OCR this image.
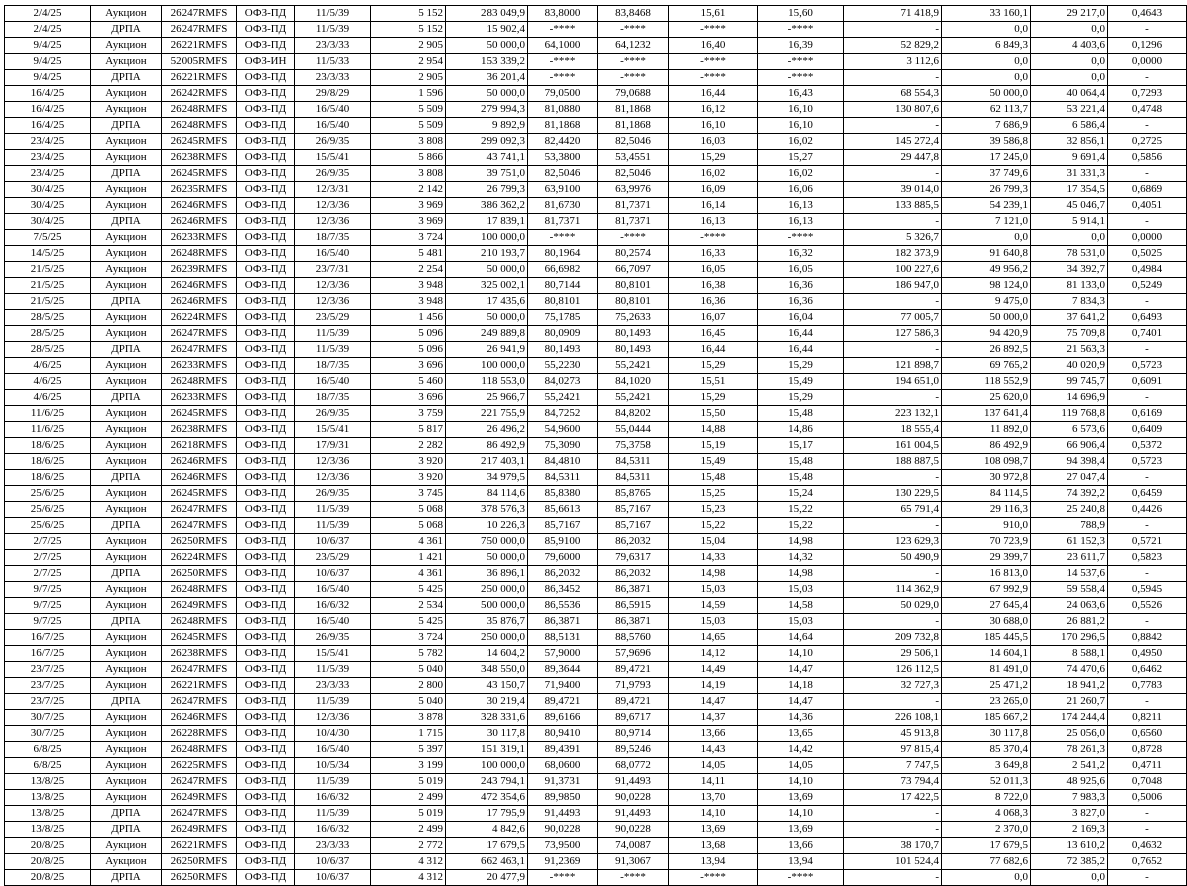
2/4/25	Аукцион	26247RMFS	ОФЗ-ПД	11/5/39	5 152	283 049,9	83,8000	83,8468	15,61	15,60	71 418,9	33 160,1	29 217,0	0,4643
2/4/25	ДРПА	26247RMFS	ОФЗ-ПД	11/5/39	5 152	15 902,4	-****	-****	-****	-****	-	0,0	0,0	-
9/4/25	Аукцион	26221RMFS	ОФЗ-ПД	23/3/33	2 905	50 000,0	64,1000	64,1232	16,40	16,39	52 829,2	6 849,3	4 403,6	0,1296
9/4/25	Аукцион	52005RMFS	ОФЗ-ИН	11/5/33	2 954	153 339,2	-****	-****	-****	-****	3 112,6	0,0	0,0	0,0000
9/4/25	ДРПА	26221RMFS	ОФЗ-ПД	23/3/33	2 905	36 201,4	-****	-****	-****	-****	-	0,0	0,0	-
16/4/25	Аукцион	26242RMFS	ОФЗ-ПД	29/8/29	1 596	50 000,0	79,0500	79,0688	16,44	16,43	68 554,3	50 000,0	40 064,4	0,7293
16/4/25	Аукцион	26248RMFS	ОФЗ-ПД	16/5/40	5 509	279 994,3	81,0880	81,1868	16,12	16,10	130 807,6	62 113,7	53 221,4	0,4748
16/4/25	ДРПА	26248RMFS	ОФЗ-ПД	16/5/40	5 509	9 892,9	81,1868	81,1868	16,10	16,10	-	7 686,9	6 586,4	-
23/4/25	Аукцион	26245RMFS	ОФЗ-ПД	26/9/35	3 808	299 092,3	82,4420	82,5046	16,03	16,02	145 272,4	39 586,8	32 856,1	0,2725
23/4/25	Аукцион	26238RMFS	ОФЗ-ПД	15/5/41	5 866	43 741,1	53,3800	53,4551	15,29	15,27	29 447,8	17 245,0	9 691,4	0,5856
23/4/25	ДРПА	26245RMFS	ОФЗ-ПД	26/9/35	3 808	39 751,0	82,5046	82,5046	16,02	16,02	-	37 749,6	31 331,3	-
30/4/25	Аукцион	26235RMFS	ОФЗ-ПД	12/3/31	2 142	26 799,3	63,9100	63,9976	16,09	16,06	39 014,0	26 799,3	17 354,5	0,6869
30/4/25	Аукцион	26246RMFS	ОФЗ-ПД	12/3/36	3 969	386 362,2	81,6730	81,7371	16,14	16,13	133 885,5	54 239,1	45 046,7	0,4051
30/4/25	ДРПА	26246RMFS	ОФЗ-ПД	12/3/36	3 969	17 839,1	81,7371	81,7371	16,13	16,13	-	7 121,0	5 914,1	-
7/5/25	Аукцион	26233RMFS	ОФЗ-ПД	18/7/35	3 724	100 000,0	-****	-****	-****	-****	5 326,7	0,0	0,0	0,0000
14/5/25	Аукцион	26248RMFS	ОФЗ-ПД	16/5/40	5 481	210 193,7	80,1964	80,2574	16,33	16,32	182 373,9	91 640,8	78 531,0	0,5025
21/5/25	Аукцион	26239RMFS	ОФЗ-ПД	23/7/31	2 254	50 000,0	66,6982	66,7097	16,05	16,05	100 227,6	49 956,2	34 392,7	0,4984
21/5/25	Аукцион	26246RMFS	ОФЗ-ПД	12/3/36	3 948	325 002,1	80,7144	80,8101	16,38	16,36	186 947,0	98 124,0	81 133,0	0,5249
21/5/25	ДРПА	26246RMFS	ОФЗ-ПД	12/3/36	3 948	17 435,6	80,8101	80,8101	16,36	16,36	-	9 475,0	7 834,3	-
28/5/25	Аукцион	26224RMFS	ОФЗ-ПД	23/5/29	1 456	50 000,0	75,1785	75,2633	16,07	16,04	77 005,7	50 000,0	37 641,2	0,6493
28/5/25	Аукцион	26247RMFS	ОФЗ-ПД	11/5/39	5 096	249 889,8	80,0909	80,1493	16,45	16,44	127 586,3	94 420,9	75 709,8	0,7401
28/5/25	ДРПА	26247RMFS	ОФЗ-ПД	11/5/39	5 096	26 941,9	80,1493	80,1493	16,44	16,44	-	26 892,5	21 563,3	-
4/6/25	Аукцион	26233RMFS	ОФЗ-ПД	18/7/35	3 696	100 000,0	55,2230	55,2421	15,29	15,29	121 898,7	69 765,2	40 020,9	0,5723
4/6/25	Аукцион	26248RMFS	ОФЗ-ПД	16/5/40	5 460	118 553,0	84,0273	84,1020	15,51	15,49	194 651,0	118 552,9	99 745,7	0,6091
4/6/25	ДРПА	26233RMFS	ОФЗ-ПД	18/7/35	3 696	25 966,7	55,2421	55,2421	15,29	15,29	-	25 620,0	14 696,9	-
11/6/25	Аукцион	26245RMFS	ОФЗ-ПД	26/9/35	3 759	221 755,9	84,7252	84,8202	15,50	15,48	223 132,1	137 641,4	119 768,8	0,6169
11/6/25	Аукцион	26238RMFS	ОФЗ-ПД	15/5/41	5 817	26 496,2	54,9600	55,0444	14,88	14,86	18 555,4	11 892,0	6 573,6	0,6409
18/6/25	Аукцион	26218RMFS	ОФЗ-ПД	17/9/31	2 282	86 492,9	75,3090	75,3758	15,19	15,17	161 004,5	86 492,9	66 906,4	0,5372
18/6/25	Аукцион	26246RMFS	ОФЗ-ПД	12/3/36	3 920	217 403,1	84,4810	84,5311	15,49	15,48	188 887,5	108 098,7	94 398,4	0,5723
18/6/25	ДРПА	26246RMFS	ОФЗ-ПД	12/3/36	3 920	34 979,5	84,5311	84,5311	15,48	15,48	-	30 972,8	27 047,4	-
25/6/25	Аукцион	26245RMFS	ОФЗ-ПД	26/9/35	3 745	84 114,6	85,8380	85,8765	15,25	15,24	130 229,5	84 114,5	74 392,2	0,6459
25/6/25	Аукцион	26247RMFS	ОФЗ-ПД	11/5/39	5 068	378 576,3	85,6613	85,7167	15,23	15,22	65 791,4	29 116,3	25 240,8	0,4426
25/6/25	ДРПА	26247RMFS	ОФЗ-ПД	11/5/39	5 068	10 226,3	85,7167	85,7167	15,22	15,22	-	910,0	788,9	-
2/7/25	Аукцион	26250RMFS	ОФЗ-ПД	10/6/37	4 361	750 000,0	85,9100	86,2032	15,04	14,98	123 629,3	70 723,9	61 152,3	0,5721
2/7/25	Аукцион	26224RMFS	ОФЗ-ПД	23/5/29	1 421	50 000,0	79,6000	79,6317	14,33	14,32	50 490,9	29 399,7	23 611,7	0,5823
2/7/25	ДРПА	26250RMFS	ОФЗ-ПД	10/6/37	4 361	36 896,1	86,2032	86,2032	14,98	14,98	-	16 813,0	14 537,6	-
9/7/25	Аукцион	26248RMFS	ОФЗ-ПД	16/5/40	5 425	250 000,0	86,3452	86,3871	15,03	15,03	114 362,9	67 992,9	59 558,4	0,5945
9/7/25	Аукцион	26249RMFS	ОФЗ-ПД	16/6/32	2 534	500 000,0	86,5536	86,5915	14,59	14,58	50 029,0	27 645,4	24 063,6	0,5526
9/7/25	ДРПА	26248RMFS	ОФЗ-ПД	16/5/40	5 425	35 876,7	86,3871	86,3871	15,03	15,03	-	30 688,0	26 881,2	-
16/7/25	Аукцион	26245RMFS	ОФЗ-ПД	26/9/35	3 724	250 000,0	88,5131	88,5760	14,65	14,64	209 732,8	185 445,5	170 296,5	0,8842
16/7/25	Аукцион	26238RMFS	ОФЗ-ПД	15/5/41	5 782	14 604,2	57,9000	57,9696	14,12	14,10	29 506,1	14 604,1	8 588,1	0,4950
23/7/25	Аукцион	26247RMFS	ОФЗ-ПД	11/5/39	5 040	348 550,0	89,3644	89,4721	14,49	14,47	126 112,5	81 491,0	74 470,6	0,6462
23/7/25	Аукцион	26221RMFS	ОФЗ-ПД	23/3/33	2 800	43 150,7	71,9400	71,9793	14,19	14,18	32 727,3	25 471,2	18 941,2	0,7783
23/7/25	ДРПА	26247RMFS	ОФЗ-ПД	11/5/39	5 040	30 219,4	89,4721	89,4721	14,47	14,47	-	23 265,0	21 260,7	-
30/7/25	Аукцион	26246RMFS	ОФЗ-ПД	12/3/36	3 878	328 331,6	89,6166	89,6717	14,37	14,36	226 108,1	185 667,2	174 244,4	0,8211
30/7/25	Аукцион	26228RMFS	ОФЗ-ПД	10/4/30	1 715	30 117,8	80,9410	80,9714	13,66	13,65	45 913,8	30 117,8	25 056,0	0,6560
6/8/25	Аукцион	26248RMFS	ОФЗ-ПД	16/5/40	5 397	151 319,1	89,4391	89,5246	14,43	14,42	97 815,4	85 370,4	78 261,3	0,8728
6/8/25	Аукцион	26225RMFS	ОФЗ-ПД	10/5/34	3 199	100 000,0	68,0600	68,0772	14,05	14,05	7 747,5	3 649,8	2 541,2	0,4711
13/8/25	Аукцион	26247RMFS	ОФЗ-ПД	11/5/39	5 019	243 794,1	91,3731	91,4493	14,11	14,10	73 794,4	52 011,3	48 925,6	0,7048
13/8/25	Аукцион	26249RMFS	ОФЗ-ПД	16/6/32	2 499	472 354,6	89,9850	90,0228	13,70	13,69	17 422,5	8 722,0	7 983,3	0,5006
13/8/25	ДРПА	26247RMFS	ОФЗ-ПД	11/5/39	5 019	17 795,9	91,4493	91,4493	14,10	14,10	-	4 068,3	3 827,0	-
13/8/25	ДРПА	26249RMFS	ОФЗ-ПД	16/6/32	2 499	4 842,6	90,0228	90,0228	13,69	13,69	-	2 370,0	2 169,3	-
20/8/25	Аукцион	26221RMFS	ОФЗ-ПД	23/3/33	2 772	17 679,5	73,9500	74,0087	13,68	13,66	38 170,7	17 679,5	13 610,2	0,4632
20/8/25	Аукцион	26250RMFS	ОФЗ-ПД	10/6/37	4 312	662 463,1	91,2369	91,3067	13,94	13,94	101 524,4	77 682,6	72 385,2	0,7652
20/8/25	ДРПА	26250RMFS	ОФЗ-ПД	10/6/37	4 312	20 477,9	-****	-****	-****	-****	-	0,0	0,0	-
